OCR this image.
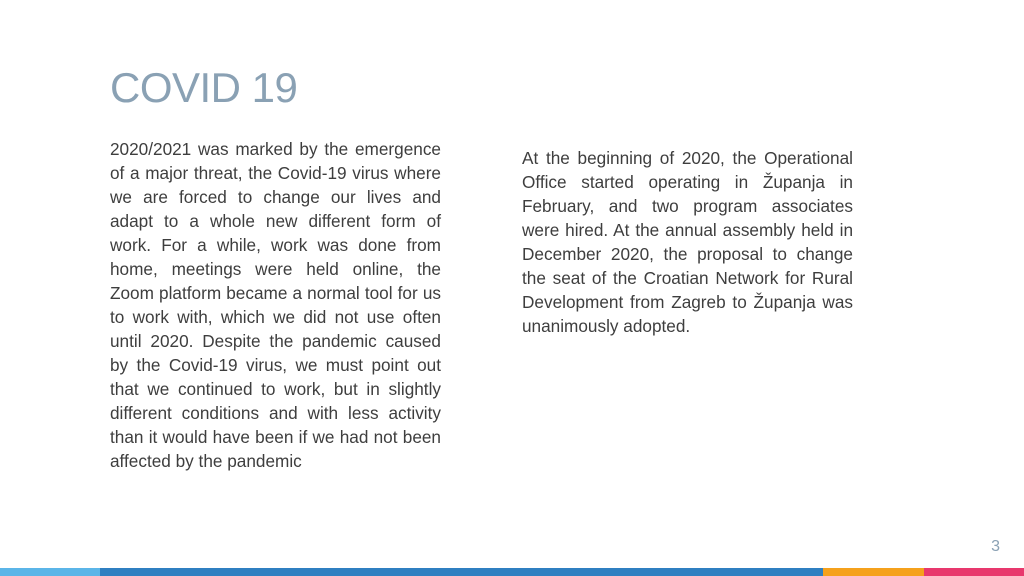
COVID 19

2020/2021 was marked by the emergence of a major threat, the Covid-19 virus where we are forced to change our lives and adapt to a whole new different form of work. For a while, work was done from home, meetings were held online, the Zoom platform became a normal tool for us to work with, which we did not use often until 2020. Despite the pandemic caused by the Covid-19 virus, we must point out that we continued to work, but in slightly different conditions and with less activity than it would have been if we had not been affected by the pandemic

At the beginning of 2020, the Operational Office started operating in Županja in February, and two program associates were hired. At the annual assembly held in December 2020, the proposal to change the seat of the Croatian Network for Rural Development from Zagreb to Županja was unanimously adopted.

3
